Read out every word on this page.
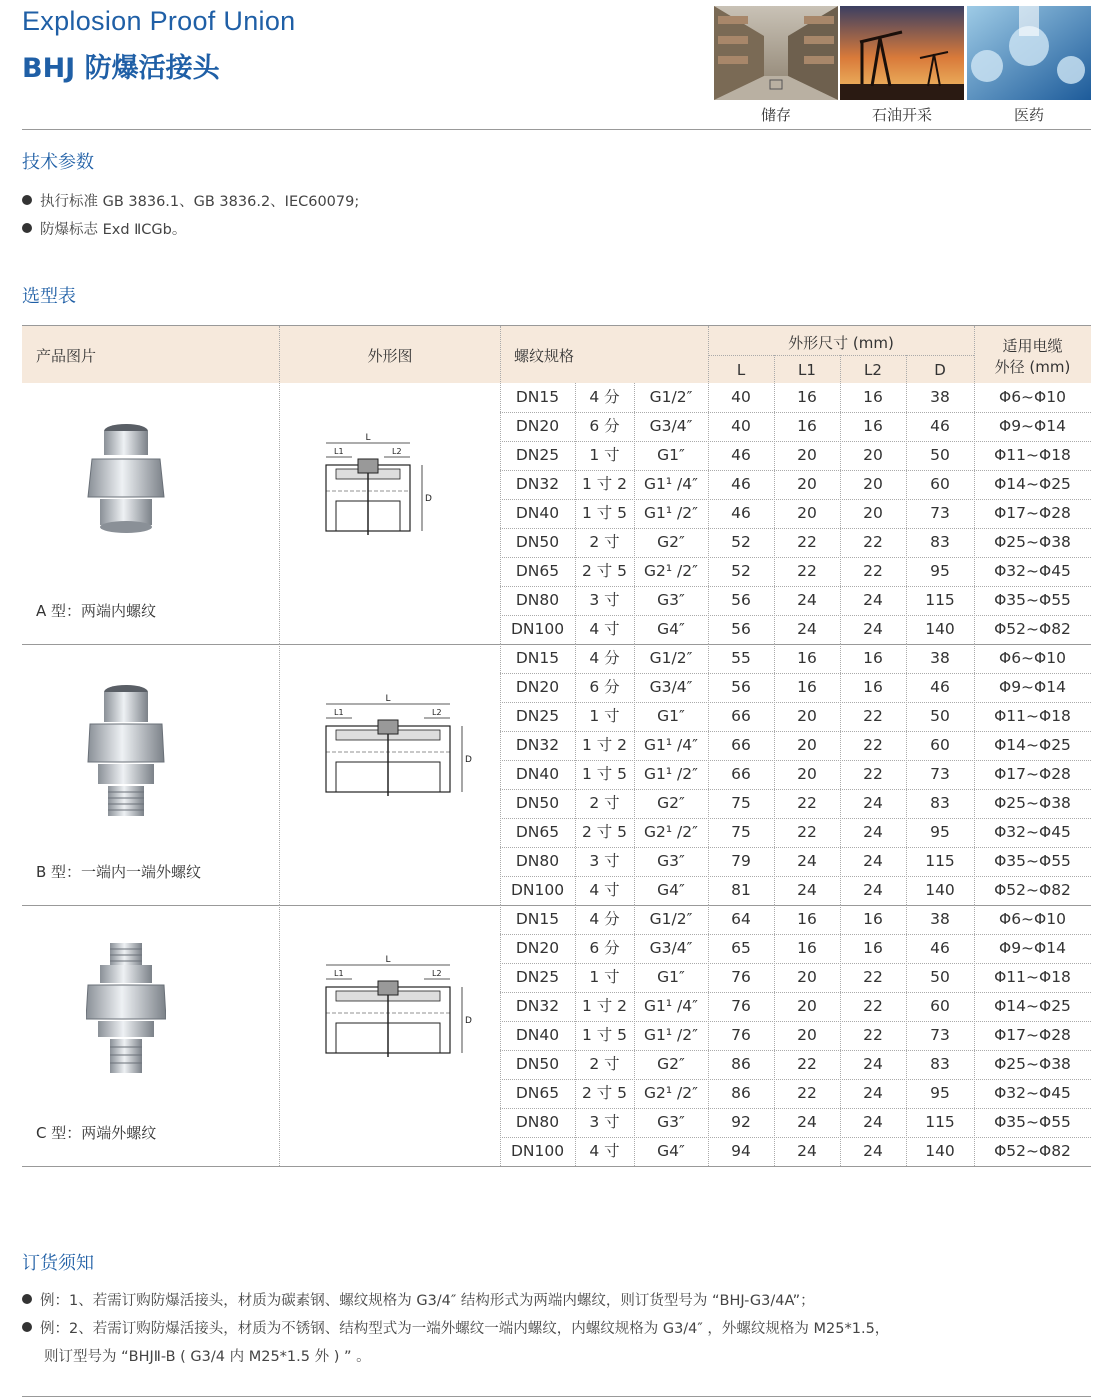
Explosion Proof Union
BHJ 防爆活接头
储存	石油开采	医药
技术参数
执行标准 GB 3836.1、GB 3836.2、IEC60079;
防爆标志 Exd ⅡCGb。
选型表
产品图片	外形图	螺纹规格
外形尺寸 (mm)
L	L1	L2	D
适用电缆
外径 (mm)
DN15	4 分	G1/2″	40	16	16	38	Φ6~Φ10
DN20	6 分	G3/4″	40	16	16	46	Φ9~Φ14
DN25	1 寸	G1″	46	20	20	50	Φ11~Φ18
DN32	1 寸 2	G1¹ /4″	46	20	20	60	Φ14~Φ25
DN40	1 寸 5	G1¹ /2″	46	20	20	73	Φ17~Φ28
DN50	2 寸	G2″	52	22	22	83	Φ25~Φ38
DN65	2 寸 5	G2¹ /2″	52	22	22	95	Φ32~Φ45
DN80	3 寸	G3″	56	24	24	115	Φ35~Φ55
DN100	4 寸	G4″	56	24	24	140	Φ52~Φ82
A 型：两端内螺纹
L
L1	L2
D
DN15	4 分	G1/2″	55	16	16	38	Φ6~Φ10
DN20	6 分	G3/4″	56	16	16	46	Φ9~Φ14
DN25	1 寸	G1″	66	20	22	50	Φ11~Φ18
DN32	1 寸 2	G1¹ /4″	66	20	22	60	Φ14~Φ25
DN40	1 寸 5	G1¹ /2″	66	20	22	73	Φ17~Φ28
DN50	2 寸	G2″	75	22	24	83	Φ25~Φ38
DN65	2 寸 5	G2¹ /2″	75	22	24	95	Φ32~Φ45
DN80	3 寸	G3″	79	24	24	115	Φ35~Φ55
DN100	4 寸	G4″	81	24	24	140	Φ52~Φ82
B 型：一端内一端外螺纹
L
L1	L2
D
DN15	4 分	G1/2″	64	16	16	38	Φ6~Φ10
DN20	6 分	G3/4″	65	16	16	46	Φ9~Φ14
DN25	1 寸	G1″	76	20	22	50	Φ11~Φ18
DN32	1 寸 2	G1¹ /4″	76	20	22	60	Φ14~Φ25
DN40	1 寸 5	G1¹ /2″	76	20	22	73	Φ17~Φ28
DN50	2 寸	G2″	86	22	24	83	Φ25~Φ38
DN65	2 寸 5	G2¹ /2″	86	22	24	95	Φ32~Φ45
DN80	3 寸	G3″	92	24	24	115	Φ35~Φ55
DN100	4 寸	G4″	94	24	24	140	Φ52~Φ82
C 型：两端外螺纹
L
L1	L2
D
订货须知
例：1、若需订购防爆活接头，材质为碳素钢、螺纹规格为 G3/4″ 结构形式为两端内螺纹，则订货型号为 “BHJ-G3/4A”；
例：2、若需订购防爆活接头，材质为不锈钢、结构型式为一端外螺纹一端内螺纹，内螺纹规格为 G3/4″ ，外螺纹规格为 M25*1.5，
则订型号为 “BHJⅡ-B ( G3/4 内 M25*1.5 外 ) ” 。
